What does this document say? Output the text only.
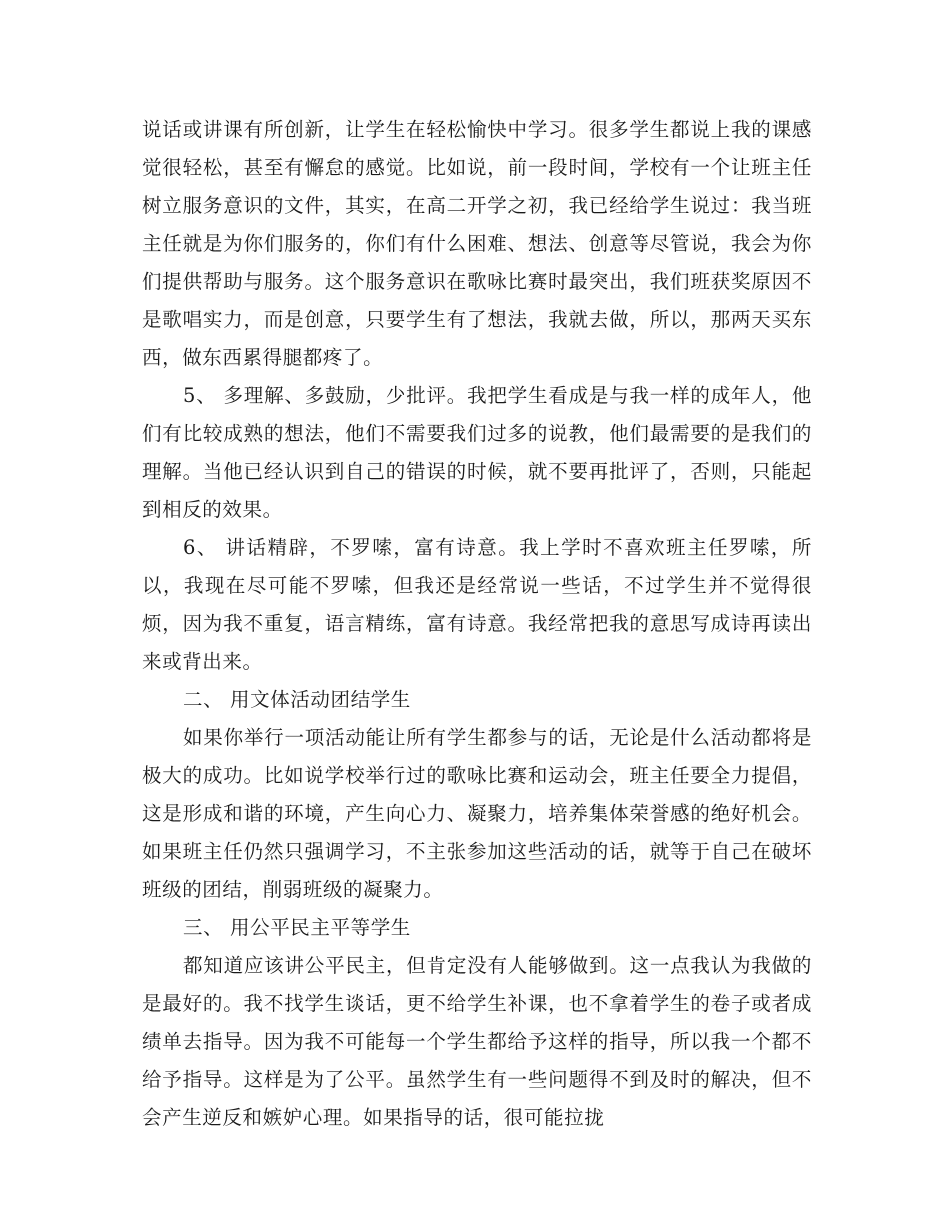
说话或讲课有所创新，让学生在轻松愉快中学习。很多学生都说上我的课感觉很轻松，甚至有懈怠的感觉。比如说，前一段时间，学校有一个让班主任树立服务意识的文件，其实，在高二开学之初，我已经给学生说过：我当班主任就是为你们服务的，你们有什么困难、想法、创意等尽管说，我会为你们提供帮助与服务。这个服务意识在歌咏比赛时最突出，我们班获奖原因不是歌唱实力，而是创意，只要学生有了想法，我就去做，所以，那两天买东西，做东西累得腿都疼了。

5、 多理解、多鼓励，少批评。我把学生看成是与我一样的成年人，他们有比较成熟的想法，他们不需要我们过多的说教，他们最需要的是我们的理解。当他已经认识到自己的错误的时候，就不要再批评了，否则，只能起到相反的效果。

6、 讲话精辟，不罗嗦，富有诗意。我上学时不喜欢班主任罗嗦，所以，我现在尽可能不罗嗦，但我还是经常说一些话，不过学生并不觉得很烦，因为我不重复，语言精练，富有诗意。我经常把我的意思写成诗再读出来或背出来。

二、 用文体活动团结学生

如果你举行一项活动能让所有学生都参与的话，无论是什么活动都将是极大的成功。比如说学校举行过的歌咏比赛和运动会，班主任要全力提倡，这是形成和谐的环境，产生向心力、凝聚力，培养集体荣誉感的绝好机会。如果班主任仍然只强调学习，不主张参加这些活动的话，就等于自己在破坏班级的团结，削弱班级的凝聚力。

三、 用公平民主平等学生

都知道应该讲公平民主，但肯定没有人能够做到。这一点我认为我做的是最好的。我不找学生谈话，更不给学生补课，也不拿着学生的卷子或者成绩单去指导。因为我不可能每一个学生都给予这样的指导，所以我一个都不给予指导。这样是为了公平。虽然学生有一些问题得不到及时的解决，但不会产生逆反和嫉妒心理。如果指导的话，很可能拉拢
